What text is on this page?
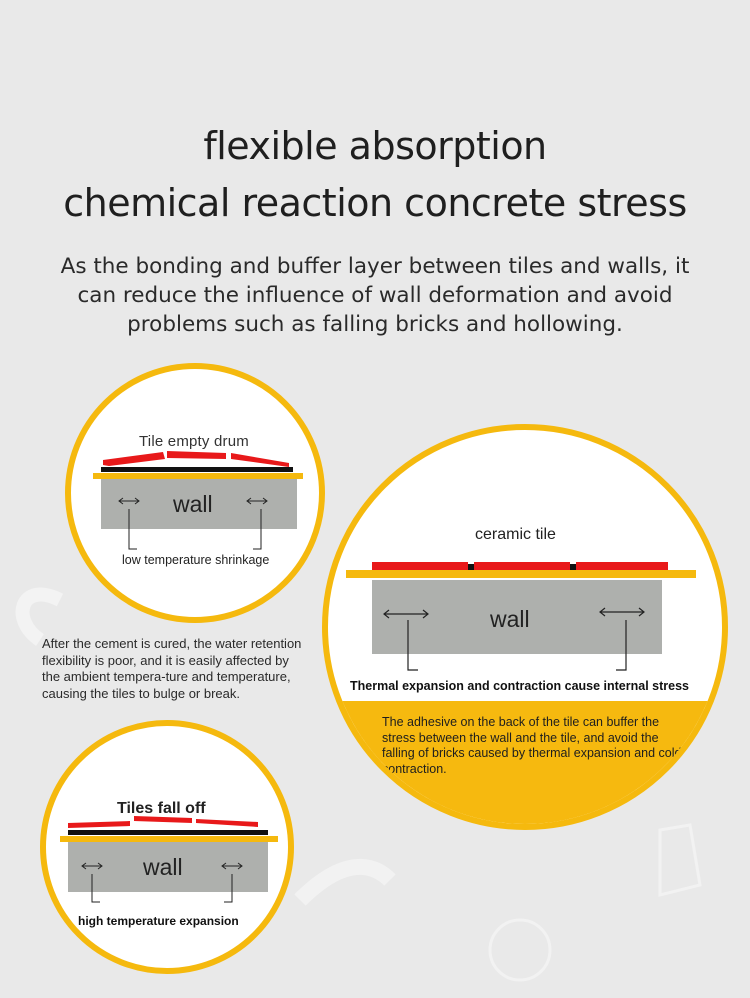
flexible absorption
chemical reaction concrete stress

As the bonding and buffer layer between tiles and walls, it can reduce the influence of wall deformation and avoid problems such as falling bricks and hollowing.

Tile empty drum
wall
low temperature shrinkage

After the cement is cured, the water retention flexibility is poor, and it is easily affected by the ambient tempera-ture and temperature, causing the tiles to bulge or break.

ceramic tile
wall
Thermal expansion and contraction cause internal stress
The adhesive on the back of the tile can buffer the stress between the wall and the tile, and avoid the falling of bricks caused by thermal expansion and cold contraction.
Tiles fall off
wall
high temperature expansion
